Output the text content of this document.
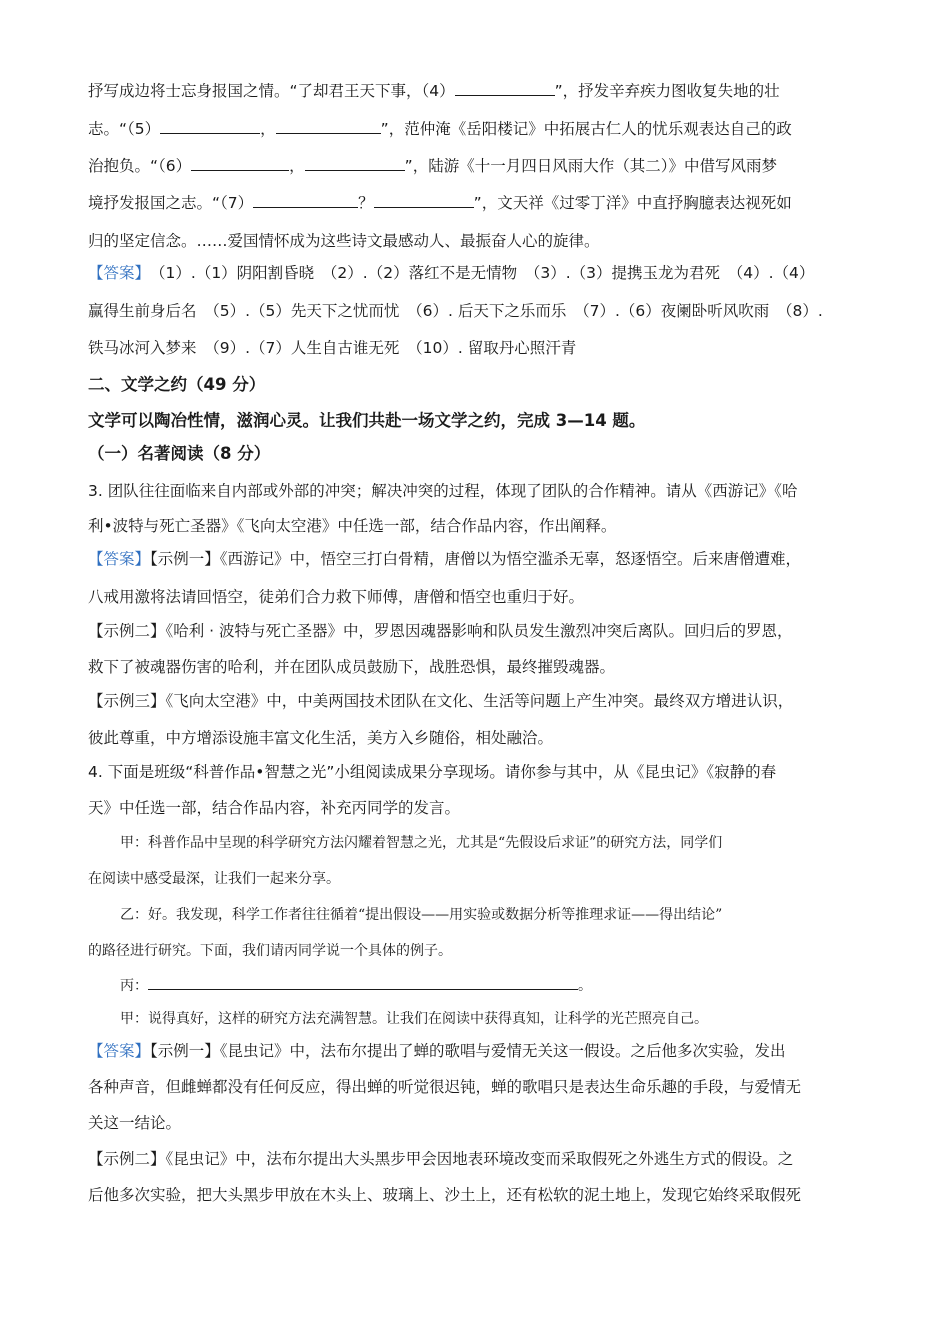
抒写成边将士忘身报国之情。“了却君王天下事，（4）	”，抒发辛弃疾力图收复失地的壮
志。“（5）	，	”，范仲淹《岳阳楼记》中拓展古仁人的忧乐观表达自己的政
治抱负。“（6）	，	”，陆游《十一月四日风雨大作（其二）》中借写风雨梦
境抒发报国之志。“（7）	？	”，文天祥《过零丁洋》中直抒胸臆表达视死如
归的坚定信念。……爱国情怀成为这些诗文最感动人、最振奋人心的旋律。
【答案】　 （1）.（1）阴阳割昏晓　（2）.（2）落红不是无情物　（3）.（3）提携玉龙为君死　（4）.（4）
赢得生前身后名　（5）.（5）先天下之忧而忧　（6）. 后天下之乐而乐　（7）.（6）夜阑卧听风吹雨　（8）.
铁马冰河入梦来　（9）.（7）人生自古谁无死　（10）. 留取丹心照汗青
二、文学之约（49 分）
文学可以陶冶性情，滋润心灵。让我们共赴一场文学之约，完成 3—14 题。
（一）名著阅读（8 分）
3. 团队往往面临来自内部或外部的冲突；解决冲突的过程，体现了团队的合作精神。请从《西游记》《哈
利•波特与死亡圣器》《飞向太空港》中任选一部，结合作品内容，作出阐释。
【答案】【示例一】《西游记》中，悟空三打白骨精，唐僧以为悟空滥杀无辜，怒逐悟空。后来唐僧遭难，
八戒用激将法请回悟空，徒弟们合力救下师傅，唐僧和悟空也重归于好。
【示例二】《哈利 · 波特与死亡圣器》中，罗恩因魂器影响和队员发生激烈冲突后离队。回归后的罗恩，
救下了被魂器伤害的哈利，并在团队成员鼓励下，战胜恐惧，最终摧毁魂器。
【示例三】《飞向太空港》中，中美两国技术团队在文化、生活等问题上产生冲突。最终双方增进认识，
彼此尊重，中方增添设施丰富文化生活，美方入乡随俗，相处融洽。
4. 下面是班级“科普作品•智慧之光”小组阅读成果分享现场。请你参与其中，从《昆虫记》《寂静的春
天》中任选一部，结合作品内容，补充丙同学的发言。
甲：科普作品中呈现的科学研究方法闪耀着智慧之光，尤其是“先假设后求证”的研究方法，同学们
在阅读中感受最深，让我们一起来分享。
乙：好。我发现，科学工作者往往循着“提出假设——用实验或数据分析等推理求证——得出结论”
的路径进行研究。下面，我们请丙同学说一个具体的例子。
丙：	。
甲：说得真好，这样的研究方法充满智慧。让我们在阅读中获得真知，让科学的光芒照亮自己。
【答案】【示例一】《昆虫记》中，法布尔提出了蝉的歌唱与爱情无关这一假设。之后他多次实验，发出
各种声音，但雌蝉都没有任何反应，得出蝉的听觉很迟钝，蝉的歌唱只是表达生命乐趣的手段，与爱情无
关这一结论。
【示例二】《昆虫记》中，法布尔提出大头黑步甲会因地表环境改变而采取假死之外逃生方式的假设。之
后他多次实验，把大头黑步甲放在木头上、玻璃上、沙土上，还有松软的泥土地上，发现它始终采取假死
